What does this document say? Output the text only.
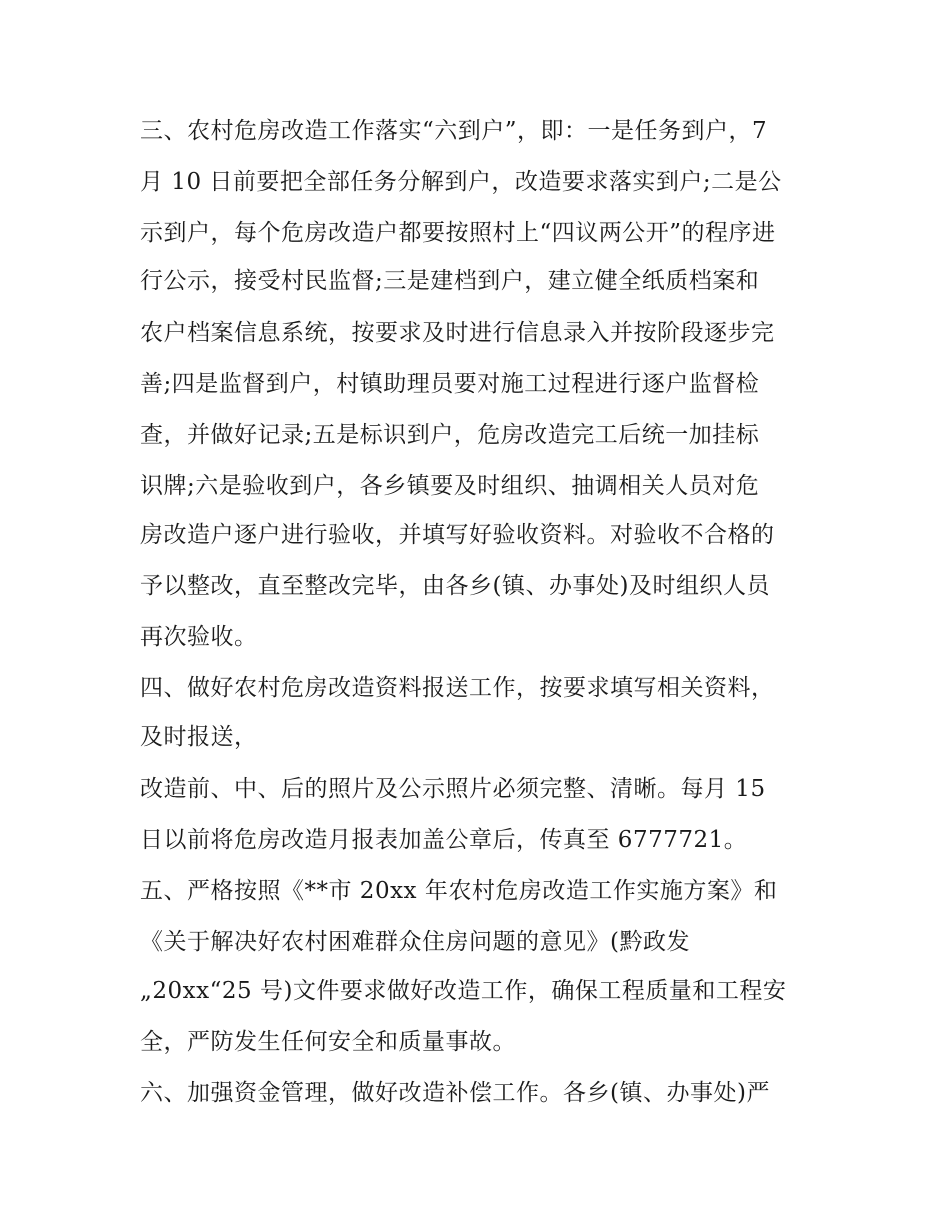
三、农村危房改造工作落实“六到户”，即：一是任务到户，7
月 10 日前要把全部任务分解到户，改造要求落实到户;二是公
示到户，每个危房改造户都要按照村上“四议两公开”的程序进
行公示，接受村民监督;三是建档到户，建立健全纸质档案和
农户档案信息系统，按要求及时进行信息录入并按阶段逐步完
善;四是监督到户，村镇助理员要对施工过程进行逐户监督检
查，并做好记录;五是标识到户，危房改造完工后统一加挂标
识牌;六是验收到户，各乡镇要及时组织、抽调相关人员对危
房改造户逐户进行验收，并填写好验收资料。对验收不合格的
予以整改，直至整改完毕，由各乡(镇、办事处)及时组织人员
再次验收。
四、做好农村危房改造资料报送工作，按要求填写相关资料，
及时报送，
改造前、中、后的照片及公示照片必须完整、清晰。每月 15
日以前将危房改造月报表加盖公章后，传真至 6777721。
五、严格按照《**市 20xx 年农村危房改造工作实施方案》和
《关于解决好农村困难群众住房问题的意见》(黔政发
„20xx“25 号)文件要求做好改造工作，确保工程质量和工程安
全，严防发生任何安全和质量事故。
六、加强资金管理，做好改造补偿工作。各乡(镇、办事处)严
